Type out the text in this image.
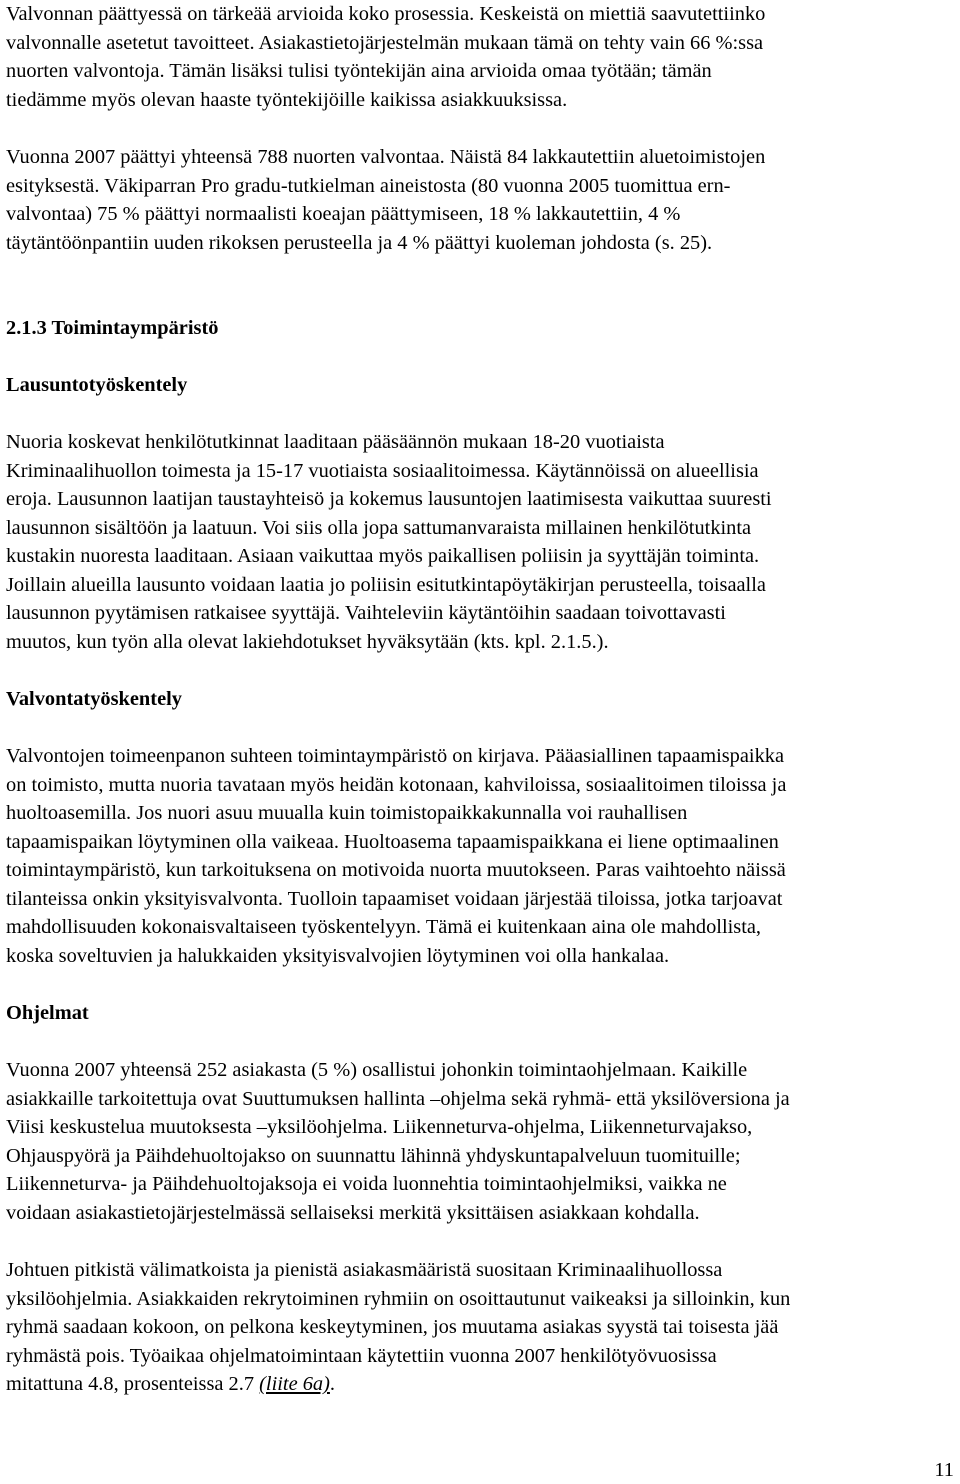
Valvonnan päättyessä on tärkeää arvioida koko prosessia. Keskeistä on miettiä saavutettiinko
valvonnalle asetetut tavoitteet. Asiakastietojärjestelmän mukaan tämä on tehty vain 66 %:ssa
nuorten valvontoja. Tämän lisäksi tulisi työntekijän aina arvioida omaa työtään; tämän
tiedämme myös olevan haaste työntekijöille kaikissa asiakkuuksissa.
Vuonna 2007 päättyi yhteensä 788 nuorten valvontaa. Näistä 84 lakkautettiin aluetoimistojen
esityksestä. Väkiparran Pro gradu-tutkielman aineistosta (80 vuonna 2005 tuomittua ern-
valvontaa) 75 % päättyi normaalisti koeajan päättymiseen, 18 % lakkautettiin, 4 %
täytäntöönpantiin uuden rikoksen perusteella ja 4 % päättyi kuoleman johdosta (s. 25).
2.1.3 Toimintaympäristö
Lausuntotyöskentely
Nuoria koskevat henkilötutkinnat laaditaan pääsäännön mukaan 18-20 vuotiaista
Kriminaalihuollon toimesta ja 15-17 vuotiaista sosiaalitoimessa. Käytännöissä on alueellisia
eroja. Lausunnon laatijan taustayhteisö ja kokemus lausuntojen laatimisesta vaikuttaa suuresti
lausunnon sisältöön ja laatuun. Voi siis olla jopa sattumanvaraista millainen henkilötutkinta
kustakin nuoresta laaditaan. Asiaan vaikuttaa myös paikallisen poliisin ja syyttäjän toiminta.
Joillain alueilla lausunto voidaan laatia jo poliisin esitutkintapöytäkirjan perusteella, toisaalla
lausunnon pyytämisen ratkaisee syyttäjä. Vaihteleviin käytäntöihin saadaan toivottavasti
muutos, kun työn alla olevat lakiehdotukset hyväksytään (kts. kpl. 2.1.5.).
Valvontatyöskentely
Valvontojen toimeenpanon suhteen toimintaympäristö on kirjava. Pääasiallinen tapaamispaikka
on toimisto, mutta nuoria tavataan myös heidän kotonaan, kahviloissa, sosiaalitoimen tiloissa ja
huoltoasemilla. Jos nuori asuu muualla kuin toimistopaikkakunnalla voi rauhallisen
tapaamispaikan löytyminen olla vaikeaa. Huoltoasema tapaamispaikkana ei liene optimaalinen
toimintaympäristö, kun tarkoituksena on motivoida nuorta muutokseen. Paras vaihtoehto näissä
tilanteissa onkin yksityisvalvonta. Tuolloin tapaamiset voidaan järjestää tiloissa, jotka tarjoavat
mahdollisuuden kokonaisvaltaiseen työskentelyyn. Tämä ei kuitenkaan aina ole mahdollista,
koska soveltuvien ja halukkaiden yksityisvalvojien löytyminen voi olla hankalaa.
Ohjelmat
Vuonna 2007 yhteensä 252 asiakasta (5 %) osallistui johonkin toimintaohjelmaan. Kaikille
asiakkaille tarkoitettuja ovat Suuttumuksen hallinta –ohjelma sekä ryhmä- että yksilöversiona ja
Viisi keskustelua muutoksesta –yksilöohjelma. Liikenneturva-ohjelma, Liikenneturvajakso,
Ohjauspyörä ja Päihdehuoltojakso on suunnattu lähinnä yhdyskuntapalveluun tuomituille;
Liikenneturva- ja Päihdehuoltojaksoja ei voida luonnehtia toimintaohjelmiksi, vaikka ne
voidaan asiakastietojärjestelmässä sellaiseksi merkitä yksittäisen asiakkaan kohdalla.
Johtuen pitkistä välimatkoista ja pienistä asiakasmääristä suositaan Kriminaalihuollossa
yksilöohjelmia. Asiakkaiden rekrytoiminen ryhmiin on osoittautunut vaikeaksi ja silloinkin, kun
ryhmä saadaan kokoon, on pelkona keskeytyminen, jos muutama asiakas syystä tai toisesta jää
ryhmästä pois. Työaikaa ohjelmatoimintaan käytettiin vuonna 2007 henkilötyövuosissa
mitattuna 4.8, prosenteissa 2.7 (liite 6a).
11
